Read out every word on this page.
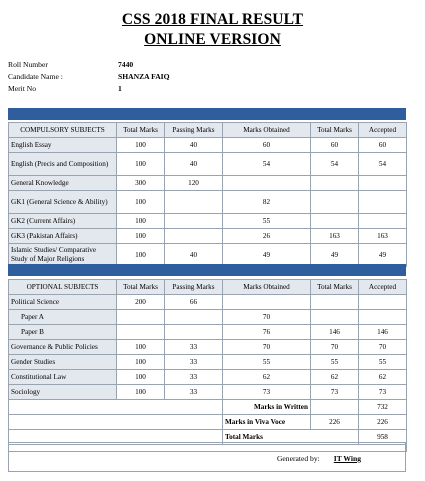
CSS 2018 FINAL RESULT
ONLINE VERSION
Roll Number	7440
Candidate Name :	SHANZA FAIQ
Merit No	1
COMPULSORY SUBJECTS	Total Marks	Passing Marks	Marks Obtained	Total Marks	Accepted
English Essay	100	40	60	60	60
English (Precis and Composition)	100	40	54	54	54
General Knowledge	300	120			
GK1 (General Science & Ability)	100		82		
GK2 (Current Affairs)	100		55		
GK3 (Pakistan Affairs)	100		26	163	163
Islamic Studies/ Comparative Study of Major Religions	100	40	49	49	49
OPTIONAL SUBJECTS	Total Marks	Passing Marks	Marks Obtained	Total Marks	Accepted
Political Science	200	66			
Paper A			70		
Paper B			76	146	146
Governance & Public Policies	100	33	70	70	70
Gender Studies	100	33	55	55	55
Constitutional Law	100	33	62	62	62
Sociology	100	33	73	73	73
			Marks in Written		732
			Marks in Viva Voce	226	226
			Total Marks		958

Generated by: IT Wing
